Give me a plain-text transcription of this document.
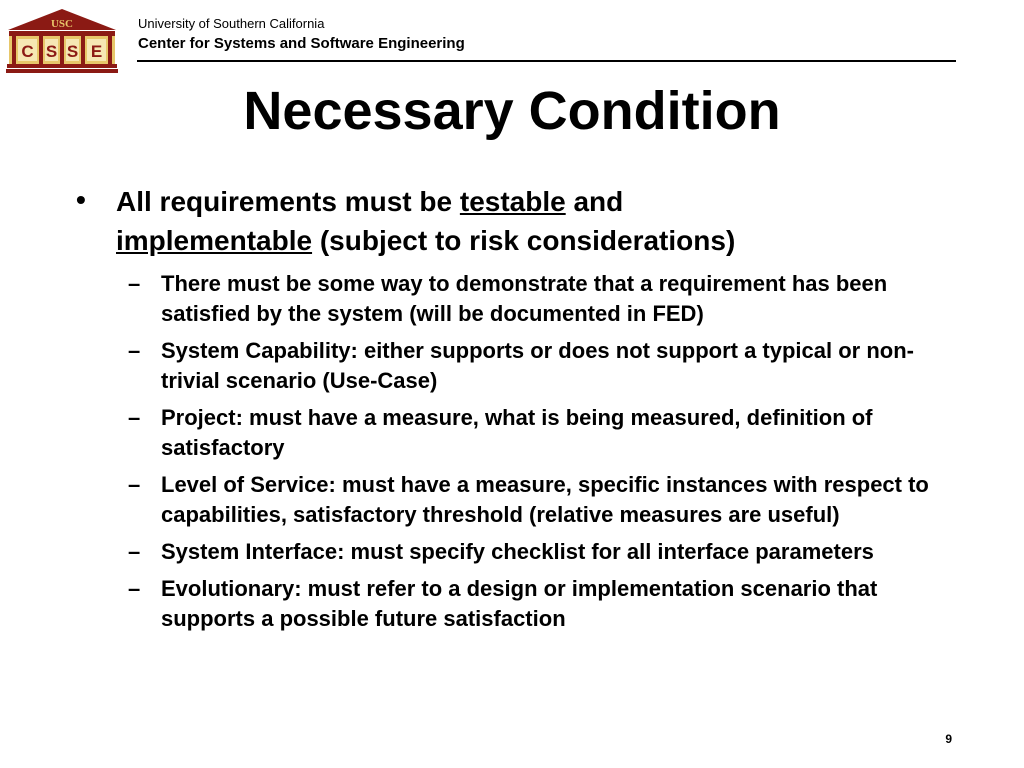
USC
C S S E
University of Southern California
Center for Systems and Software Engineering
Necessary Condition
• All requirements must be testable and
implementable (subject to risk considerations)
– There must be some way to demonstrate that a requirement has been satisfied by the system (will be documented in FED)
– System Capability: either supports or does not support a typical or non-trivial scenario (Use-Case)
– Project: must have a measure, what is being measured, definition of satisfactory
– Level of Service: must have a measure, specific instances with respect to capabilities, satisfactory threshold (relative measures are useful)
– System Interface: must specify checklist for all interface parameters
– Evolutionary: must refer to a design or implementation scenario that supports a possible future satisfaction
9
